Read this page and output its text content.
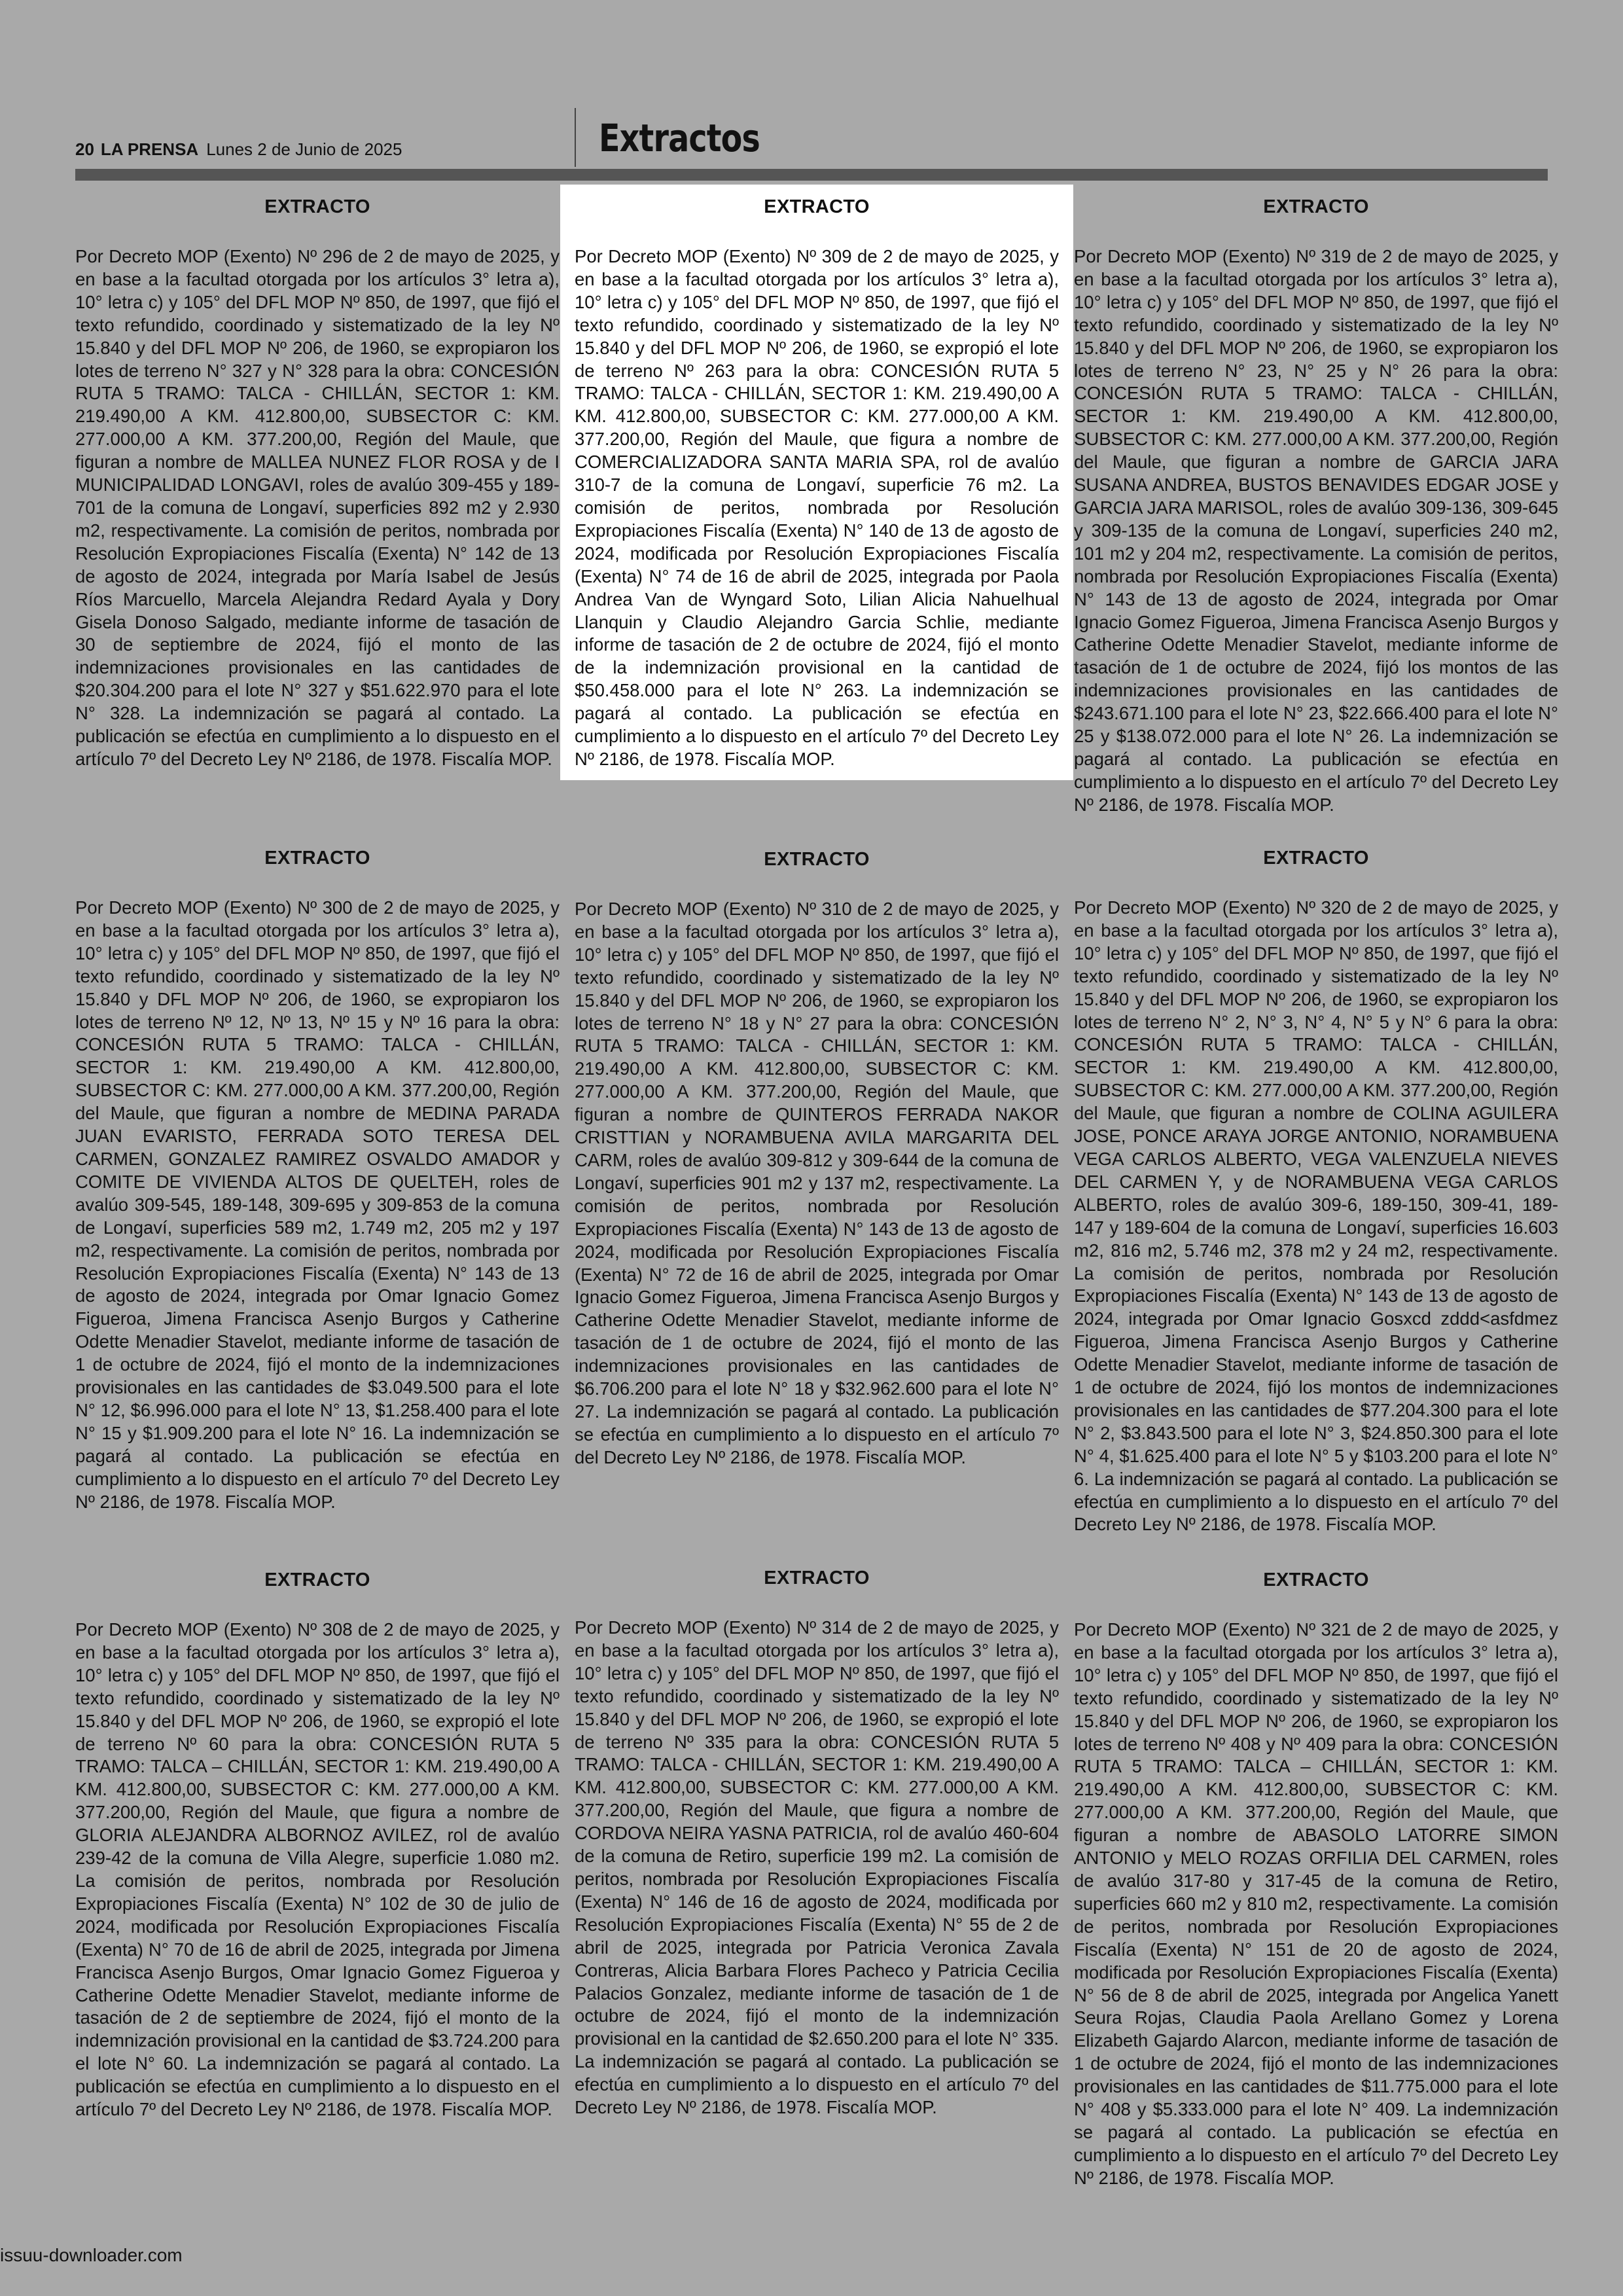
20 LA PRENSA Lunes 2 de Junio de 2025	Extractos
EXTRACTO

Por Decreto MOP (Exento) Nº 296 de 2 de mayo de 2025, y en base a la facultad otorgada por los artículos 3° letra a), 10° letra c) y 105° del DFL MOP Nº 850, de 1997, que fijó el texto refundido, coordinado y sistematizado de la ley Nº 15.840 y del DFL MOP Nº 206, de 1960, se expropiaron los lotes de terreno N° 327 y N° 328 para la obra: CONCESIÓN RUTA 5 TRAMO: TALCA - CHILLÁN, SECTOR 1: KM. 219.490,00 A KM. 412.800,00, SUBSECTOR C: KM. 277.000,00 A KM. 377.200,00, Región del Maule, que figuran a nombre de MALLEA NUNEZ FLOR ROSA y de I MUNICIPALIDAD LONGAVI, roles de avalúo 309-455 y 189-701 de la comuna de Longaví, superficies 892 m2 y 2.930 m2, respectivamente. La comisión de peritos, nombrada por Resolución Expropiaciones Fiscalía (Exenta) N° 142 de 13 de agosto de 2024, integrada por María Isabel de Jesús Ríos Marcuello, Marcela Alejandra Redard Ayala y Dory Gisela Donoso Salgado, mediante informe de tasación de 30 de septiembre de 2024, fijó el monto de las indemnizaciones provisionales en las cantidades de $20.304.200 para el lote N° 327 y $51.622.970 para el lote N° 328. La indemnización se pagará al contado. La publicación se efectúa en cumplimiento a lo dispuesto en el artículo 7º del Decreto Ley Nº 2186, de 1978. Fiscalía MOP.

EXTRACTO

Por Decreto MOP (Exento) Nº 300 de 2 de mayo de 2025, y en base a la facultad otorgada por los artículos 3° letra a), 10° letra c) y 105° del DFL MOP Nº 850, de 1997, que fijó el texto refundido, coordinado y sistematizado de la ley Nº 15.840 y DFL MOP Nº 206, de 1960, se expropiaron los lotes de terreno Nº 12, Nº 13, Nº 15 y Nº 16 para la obra: CONCESIÓN RUTA 5 TRAMO: TALCA - CHILLÁN, SECTOR 1: KM. 219.490,00 A KM. 412.800,00, SUBSECTOR C: KM. 277.000,00 A KM. 377.200,00, Región del Maule, que figuran a nombre de MEDINA PARADA JUAN EVARISTO, FERRADA SOTO TERESA DEL CARMEN, GONZALEZ RAMIREZ OSVALDO AMADOR y COMITE DE VIVIENDA ALTOS DE QUELTEH, roles de avalúo 309-545, 189-148, 309-695 y 309-853 de la comuna de Longaví, superficies 589 m2, 1.749 m2, 205 m2 y 197 m2, respectivamente. La comisión de peritos, nombrada por Resolución Expropiaciones Fiscalía (Exenta) N° 143 de 13 de agosto de 2024, integrada por Omar Ignacio Gomez Figueroa, Jimena Francisca Asenjo Burgos y Catherine Odette Menadier Stavelot, mediante informe de tasación de 1 de octubre de 2024, fijó el monto de la indemnizaciones provisionales en las cantidades de $3.049.500 para el lote N° 12, $6.996.000 para el lote N° 13, $1.258.400 para el lote N° 15 y $1.909.200 para el lote N° 16. La indemnización se pagará al contado. La publicación se efectúa en cumplimiento a lo dispuesto en el artículo 7º del Decreto Ley Nº 2186, de 1978. Fiscalía MOP.

EXTRACTO

Por Decreto MOP (Exento) Nº 308 de 2 de mayo de 2025, y en base a la facultad otorgada por los artículos 3° letra a), 10° letra c) y 105° del DFL MOP Nº 850, de 1997, que fijó el texto refundido, coordinado y sistematizado de la ley Nº 15.840 y del DFL MOP Nº 206, de 1960, se expropió el lote de terreno Nº 60 para la obra: CONCESIÓN RUTA 5 TRAMO: TALCA – CHILLÁN, SECTOR 1: KM. 219.490,00 A KM. 412.800,00, SUBSECTOR C: KM. 277.000,00 A KM. 377.200,00, Región del Maule, que figura a nombre de GLORIA ALEJANDRA ALBORNOZ AVILEZ, rol de avalúo 239-42 de la comuna de Villa Alegre, superficie 1.080 m2. La comisión de peritos, nombrada por Resolución Expropiaciones Fiscalía (Exenta) N° 102 de 30 de julio de 2024, modificada por Resolución Expropiaciones Fiscalía (Exenta) N° 70 de 16 de abril de 2025, integrada por Jimena Francisca Asenjo Burgos, Omar Ignacio Gomez Figueroa y Catherine Odette Menadier Stavelot, mediante informe de tasación de 2 de septiembre de 2024, fijó el monto de la indemnización provisional en la cantidad de $3.724.200 para el lote N° 60. La indemnización se pagará al contado. La publicación se efectúa en cumplimiento a lo dispuesto en el artículo 7º del Decreto Ley Nº 2186, de 1978. Fiscalía MOP.

EXTRACTO

Por Decreto MOP (Exento) Nº 309 de 2 de mayo de 2025, y en base a la facultad otorgada por los artículos 3° letra a), 10° letra c) y 105° del DFL MOP Nº 850, de 1997, que fijó el texto refundido, coordinado y sistematizado de la ley Nº 15.840 y del DFL MOP Nº 206, de 1960, se expropió el lote de terreno Nº 263 para la obra: CONCESIÓN RUTA 5 TRAMO: TALCA - CHILLÁN, SECTOR 1: KM. 219.490,00 A KM. 412.800,00, SUBSECTOR C: KM. 277.000,00 A KM. 377.200,00, Región del Maule, que figura a nombre de COMERCIALIZADORA SANTA MARIA SPA, rol de avalúo 310-7 de la comuna de Longaví, superficie 76 m2. La comisión de peritos, nombrada por Resolución Expropiaciones Fiscalía (Exenta) N° 140 de 13 de agosto de 2024, modificada por Resolución Expropiaciones Fiscalía (Exenta) N° 74 de 16 de abril de 2025, integrada por Paola Andrea Van de Wyngard Soto, Lilian Alicia Nahuelhual Llanquin y Claudio Alejandro Garcia Schlie, mediante informe de tasación de 2 de octubre de 2024, fijó el monto de la indemnización provisional en la cantidad de $50.458.000 para el lote N° 263. La indemnización se pagará al contado. La publicación se efectúa en cumplimiento a lo dispuesto en el artículo 7º del Decreto Ley Nº 2186, de 1978. Fiscalía MOP.

EXTRACTO

Por Decreto MOP (Exento) Nº 310 de 2 de mayo de 2025, y en base a la facultad otorgada por los artículos 3° letra a), 10° letra c) y 105° del DFL MOP Nº 850, de 1997, que fijó el texto refundido, coordinado y sistematizado de la ley Nº 15.840 y del DFL MOP Nº 206, de 1960, se expropiaron los lotes de terreno N° 18 y N° 27 para la obra: CONCESIÓN RUTA 5 TRAMO: TALCA - CHILLÁN, SECTOR 1: KM. 219.490,00 A KM. 412.800,00, SUBSECTOR C: KM. 277.000,00 A KM. 377.200,00, Región del Maule, que figuran a nombre de QUINTEROS FERRADA NAKOR CRISTTIAN y NORAMBUENA AVILA MARGARITA DEL CARM, roles de avalúo 309-812 y 309-644 de la comuna de Longaví, superficies 901 m2 y 137 m2, respectivamente. La comisión de peritos, nombrada por Resolución Expropiaciones Fiscalía (Exenta) N° 143 de 13 de agosto de 2024, modificada por Resolución Expropiaciones Fiscalía (Exenta) N° 72 de 16 de abril de 2025, integrada por Omar Ignacio Gomez Figueroa, Jimena Francisca Asenjo Burgos y Catherine Odette Menadier Stavelot, mediante informe de tasación de 1 de octubre de 2024, fijó el monto de las indemnizaciones provisionales en las cantidades de $6.706.200 para el lote N° 18 y $32.962.600 para el lote N° 27. La indemnización se pagará al contado. La publicación se efectúa en cumplimiento a lo dispuesto en el artículo 7º del Decreto Ley Nº 2186, de 1978. Fiscalía MOP.

EXTRACTO

Por Decreto MOP (Exento) Nº 314 de 2 de mayo de 2025, y en base a la facultad otorgada por los artículos 3° letra a), 10° letra c) y 105° del DFL MOP Nº 850, de 1997, que fijó el texto refundido, coordinado y sistematizado de la ley Nº 15.840 y del DFL MOP Nº 206, de 1960, se expropió el lote de terreno Nº 335 para la obra: CONCESIÓN RUTA 5 TRAMO: TALCA - CHILLÁN, SECTOR 1: KM. 219.490,00 A KM. 412.800,00, SUBSECTOR C: KM. 277.000,00 A KM. 377.200,00, Región del Maule, que figura a nombre de CORDOVA NEIRA YASNA PATRICIA, rol de avalúo 460-604 de la comuna de Retiro, superficie 199 m2. La comisión de peritos, nombrada por Resolución Expropiaciones Fiscalía (Exenta) N° 146 de 16 de agosto de 2024, modificada por Resolución Expropiaciones Fiscalía (Exenta) N° 55 de 2 de abril de 2025, integrada por Patricia Veronica Zavala Contreras, Alicia Barbara Flores Pacheco y Patricia Cecilia Palacios Gonzalez, mediante informe de tasación de 1 de octubre de 2024, fijó el monto de la indemnización provisional en la cantidad de $2.650.200 para el lote N° 335. La indemnización se pagará al contado. La publicación se efectúa en cumplimiento a lo dispuesto en el artículo 7º del Decreto Ley Nº 2186, de 1978. Fiscalía MOP.

EXTRACTO

Por Decreto MOP (Exento) Nº 319 de 2 de mayo de 2025, y en base a la facultad otorgada por los artículos 3° letra a), 10° letra c) y 105° del DFL MOP Nº 850, de 1997, que fijó el texto refundido, coordinado y sistematizado de la ley Nº 15.840 y del DFL MOP Nº 206, de 1960, se expropiaron los lotes de terreno N° 23, N° 25 y N° 26 para la obra: CONCESIÓN RUTA 5 TRAMO: TALCA - CHILLÁN, SECTOR 1: KM. 219.490,00 A KM. 412.800,00, SUBSECTOR C: KM. 277.000,00 A KM. 377.200,00, Región del Maule, que figuran a nombre de GARCIA JARA SUSANA ANDREA, BUSTOS BENAVIDES EDGAR JOSE y GARCIA JARA MARISOL, roles de avalúo 309-136, 309-645 y 309-135 de la comuna de Longaví, superficies 240 m2, 101 m2 y 204 m2, respectivamente. La comisión de peritos, nombrada por Resolución Expropiaciones Fiscalía (Exenta) N° 143 de 13 de agosto de 2024, integrada por Omar Ignacio Gomez Figueroa, Jimena Francisca Asenjo Burgos y Catherine Odette Menadier Stavelot, mediante informe de tasación de 1 de octubre de 2024, fijó los montos de las indemnizaciones provisionales en las cantidades de $243.671.100 para el lote N° 23, $22.666.400 para el lote N° 25 y $138.072.000 para el lote N° 26. La indemnización se pagará al contado. La publicación se efectúa en cumplimiento a lo dispuesto en el artículo 7º del Decreto Ley Nº 2186, de 1978. Fiscalía MOP.

EXTRACTO

Por Decreto MOP (Exento) Nº 320 de 2 de mayo de 2025, y en base a la facultad otorgada por los artículos 3° letra a), 10° letra c) y 105° del DFL MOP Nº 850, de 1997, que fijó el texto refundido, coordinado y sistematizado de la ley Nº 15.840 y del DFL MOP Nº 206, de 1960, se expropiaron los lotes de terreno N° 2, N° 3, N° 4, N° 5 y N° 6 para la obra: CONCESIÓN RUTA 5 TRAMO: TALCA - CHILLÁN, SECTOR 1: KM. 219.490,00 A KM. 412.800,00, SUBSECTOR C: KM. 277.000,00 A KM. 377.200,00, Región del Maule, que figuran a nombre de COLINA AGUILERA JOSE, PONCE ARAYA JORGE ANTONIO, NORAMBUENA VEGA CARLOS ALBERTO, VEGA VALENZUELA NIEVES DEL CARMEN Y, y de NORAMBUENA VEGA CARLOS ALBERTO, roles de avalúo 309-6, 189-150, 309-41, 189-147 y 189-604 de la comuna de Longaví, superficies 16.603 m2, 816 m2, 5.746 m2, 378 m2 y 24 m2, respectivamente. La comisión de peritos, nombrada por Resolución Expropiaciones Fiscalía (Exenta) N° 143 de 13 de agosto de 2024, integrada por Omar Ignacio Gosxcd zddd<asfdmez Figueroa, Jimena Francisca Asenjo Burgos y Catherine Odette Menadier Stavelot, mediante informe de tasación de 1 de octubre de 2024, fijó los montos de indemnizaciones provisionales en las cantidades de $77.204.300 para el lote N° 2, $3.843.500 para el lote N° 3, $24.850.300 para el lote N° 4, $1.625.400 para el lote N° 5 y $103.200 para el lote N° 6. La indemnización se pagará al contado. La publicación se efectúa en cumplimiento a lo dispuesto en el artículo 7º del Decreto Ley Nº 2186, de 1978. Fiscalía MOP.

EXTRACTO

Por Decreto MOP (Exento) Nº 321 de 2 de mayo de 2025, y en base a la facultad otorgada por los artículos 3° letra a), 10° letra c) y 105° del DFL MOP Nº 850, de 1997, que fijó el texto refundido, coordinado y sistematizado de la ley Nº 15.840 y del DFL MOP Nº 206, de 1960, se expropiaron los lotes de terreno Nº 408 y Nº 409 para la obra: CONCESIÓN RUTA 5 TRAMO: TALCA – CHILLÁN, SECTOR 1: KM. 219.490,00 A KM. 412.800,00, SUBSECTOR C: KM. 277.000,00 A KM. 377.200,00, Región del Maule, que figuran a nombre de ABASOLO LATORRE SIMON ANTONIO y MELO ROZAS ORFILIA DEL CARMEN, roles de avalúo 317-80 y 317-45 de la comuna de Retiro, superficies 660 m2 y 810 m2, respectivamente. La comisión de peritos, nombrada por Resolución Expropiaciones Fiscalía (Exenta) N° 151 de 20 de agosto de 2024, modificada por Resolución Expropiaciones Fiscalía (Exenta) N° 56 de 8 de abril de 2025, integrada por Angelica Yanett Seura Rojas, Claudia Paola Arellano Gomez y Lorena Elizabeth Gajardo Alarcon, mediante informe de tasación de 1 de octubre de 2024, fijó el monto de las indemnizaciones provisionales en las cantidades de $11.775.000 para el lote N° 408 y $5.333.000 para el lote N° 409. La indemnización se pagará al contado. La publicación se efectúa en cumplimiento a lo dispuesto en el artículo 7º del Decreto Ley Nº 2186, de 1978. Fiscalía MOP.

issuu-downloader.com
